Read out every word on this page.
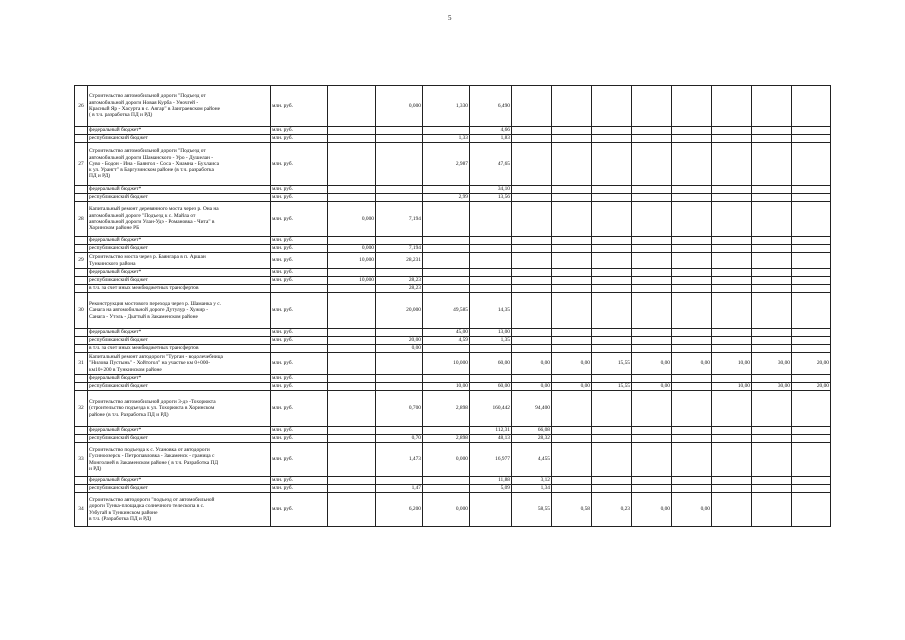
5
26	Строительство автомобильной дороги "Подъезд от
автомобильной дороги Новая Курба - Уночгей -
Красный Яр - Хасурта в с. Аягар" в Заиграевском районе
( в т.ч. разработка ПД и РД)	млн. руб.		0,000	1,330	6,490								
	федеральный бюджет*	млн. руб.				4,66								
	республиканский бюджет	млн. руб.			1,33	1,83								
27	Строительство автомобильной дороги "Подъезд от
автомобильной дороги Шаманского - Уро - Душелан -
Суво - Бодон - Ина - Баянгол - Соса - Хиамна - Бухлаиса
к ул. Урангт" в Баргузинском районе (в т.ч. разработка
ПД и РД)	млн. руб.			2,987	47,65								
	федеральный бюджет*	млн. руб.				34,10								
	республиканский бюджет	млн. руб.			2,99	13,56								
28	Капитальный ремонт деревянного моста через р. Она на
автомобильной дороге "Подъезд к с. Майла от
автомобильной дороги Улан-Удэ - Романовка - Чита" в
Хоринском районе РБ	млн. руб.	0,000	7,194										
	федеральный бюджет*	млн. руб.												
	республиканский бюджет	млн. руб.	0,000	7,194										
29	Строительство моста через р. Баянгара в п. Аршан
Тункинского района	млн. руб.	10,000	28,231										
	федеральный бюджет*	млн. руб.												
	республиканский бюджет	млн. руб.	10,000	28,23										
	в т.ч. за счет иных межбюджетных трансфертов			28,23										
30	Реконструкция мостового перехода через р. Шаманка у с.
Санага на автомобильной дороге Дутулур - Хужир -
Санага - Утэль - Дыгтый в Закаменском районе	млн. руб.		20,000	49,585	14,35								
	федеральный бюджет*	млн. руб.			45,00	13,00								
	республиканский бюджет	млн. руб.		20,00	4,59	1,35								
	в т.ч. за счет иных межбюджетных трансфертов			0,00										
31	Капитальный ремонт автодороги "Турган - водолечебница
"Нилова Пустынь" - Хойтогол" на участке км 0+000-
км10+200 в Тункинском районе	млн. руб.			10,000	60,00	0,00	0,00	15,55	0,00	0,00	10,00	30,00	20,00
	федеральный бюджет*	млн. руб.												
	республиканский бюджет	млн. руб.			10,00	60,00	0,00	0,00	15,55	0,00		10,00	30,00	20,00
32	Строительство автомобильной дороги 3-дэ -Тохорюкта
(строительство подъезда к ул. Тохорюкта в Хоринском
районе (в т.ч. Разработка ПД и РД)	млн. руб.		0,700	2,898	160,442	94,400							
	федеральный бюджет*	млн. руб.				112,31	66,08							
	республиканский бюджет	млн. руб.		0,70	2,898	48,13	28,32							
33	Строительство подъезда к с. Усановка от автодороги
Гусиноозерск - Петропавловка - Закаменск - граница с
Монголией в Закаменском районе ( в т.ч. Разработка ПД
и РД)	млн. руб.		1,473	0,000	16,977	4,455							
	федеральный бюджет*	млн. руб.				11,88	3,12							
	республиканский бюджет	млн. руб.		1,47		5,09	1,34							
34	Строительство автодороги "подъезд от автомобильной
дороги Тунка-площадка солнечного телескопа в с.
Узбугай в Тункинском районе
в т.ч. (Разработка ПД и РД)	млн. руб.		6,200	0,000		58,55	0,58	0,23	0,00	0,00			
